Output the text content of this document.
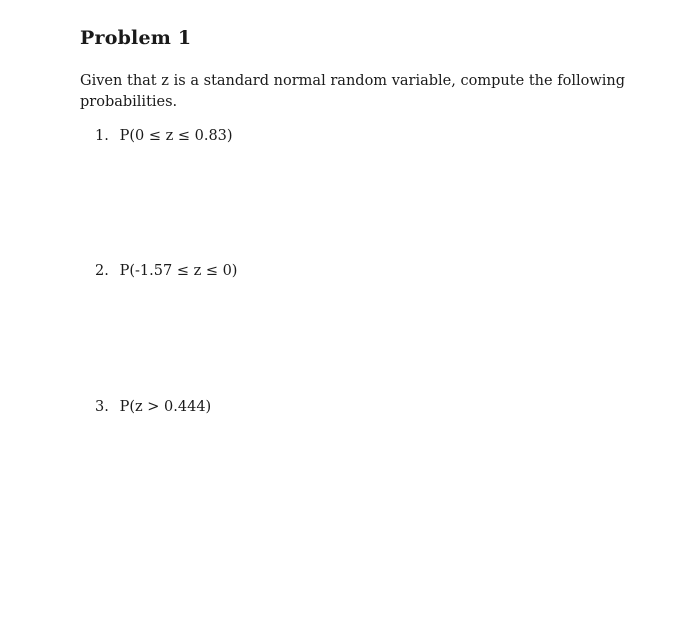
Problem 1

Given that z is a standard normal random variable, compute the following probabilities.

1. P(0 ≤ z ≤ 0.83)
2. P(-1.57 ≤ z ≤ 0)
3. P(z > 0.444)
